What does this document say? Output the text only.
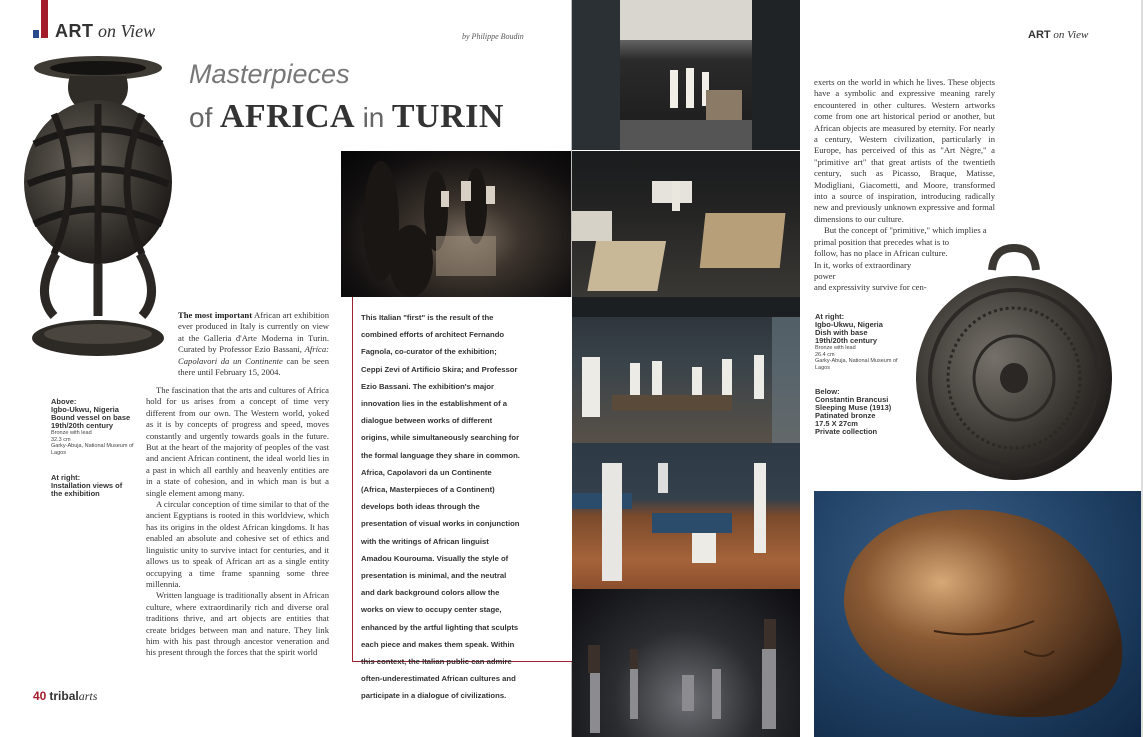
ART on View	by Philippe Boudin	ART on View
Masterpieces
of AFRICA in TURIN
Above:
Igbo-Ukwu, Nigeria
Bound vessel on base
19th/20th century
Bronze with lead
32.3 cm
Garky-Abuja, National Museum of
Lagos
At right:
Installation views of
the exhibition
The most important African art exhibition ever produced in Italy is currently on view at the Galleria d'Arte Moderna in Turin. Curated by Professor Ezio Bassani, Africa: Capolavori da un Continente can be seen there until February 15, 2004.

The fascination that the arts and cultures of Africa hold for us arises from a concept of time very different from our own. The Western world, yoked as it is by concepts of progress and speed, moves constantly and urgently towards goals in the future. But at the heart of the majority of peoples of the vast and ancient African continent, the ideal world lies in a past in which all earthly and heavenly entities are in a state of cohesion, and in which man is but a single element among many.

A circular conception of time similar to that of the ancient Egyptians is rooted in this worldview, which has its origins in the oldest African kingdoms. It has enabled an absolute and cohesive set of ethics and linguistic unity to survive intact for centuries, and it allows us to speak of African art as a single entity occupying a time frame spanning some three millennia.

Written language is traditionally absent in African culture, where extraordinarily rich and diverse oral traditions thrive, and art objects are entities that create bridges between man and nature. They link him with his past through ancestor veneration and his present through the forces that the spirit world

This Italian "first" is the result of the combined efforts of architect Fernando Fagnola, co-curator of the exhibition; Ceppi Zevi of Artificio Skira; and Professor Ezio Bassani. The exhibition's major innovation lies in the establishment of a dialogue between works of different origins, while simultaneously searching for the formal language they share in common. Africa, Capolavori da un Continente (Africa, Masterpieces of a Continent) develops both ideas through the presentation of visual works in conjunction with the writings of African linguist Amadou Kourouma. Visually the style of presentation is minimal, and the neutral and dark background colors allow the works on view to occupy center stage, enhanced by the artful lighting that sculpts each piece and makes them speak. Within this context, the Italian public can admire often-underestimated African cultures and participate in a dialogue of civilizations.

exerts on the world in which he lives. These objects have a symbolic and expressive meaning rarely encountered in other cultures. Western artworks come from one art historical period or another, but African objects are measured by eternity. For nearly a century, Western civilization, particularly in Europe, has perceived of this as "Art Nègre," a "primitive art" that great artists of the twentieth century, such as Picasso, Braque, Matisse, Modigliani, Giacometti, and Moore, transformed into a source of inspiration, introducing radically new and previously unknown expressive and formal dimensions to our culture.

But the concept of "primitive," which implies a

primal position that precedes what is to

follow, has no place in African culture.

In it, works of extraordinary power

and expressivity survive for cen-

At right:
Igbo-Ukwu, Nigeria
Dish with base
19th/20th century
Bronze with lead
26.4 cm
Garky-Abuja, National Museum of
Lagos
Below:
Constantin Brancusi
Sleeping Muse (1913)
Patinated bronze
17.5 X 27cm
Private collection
40 tribalarts
